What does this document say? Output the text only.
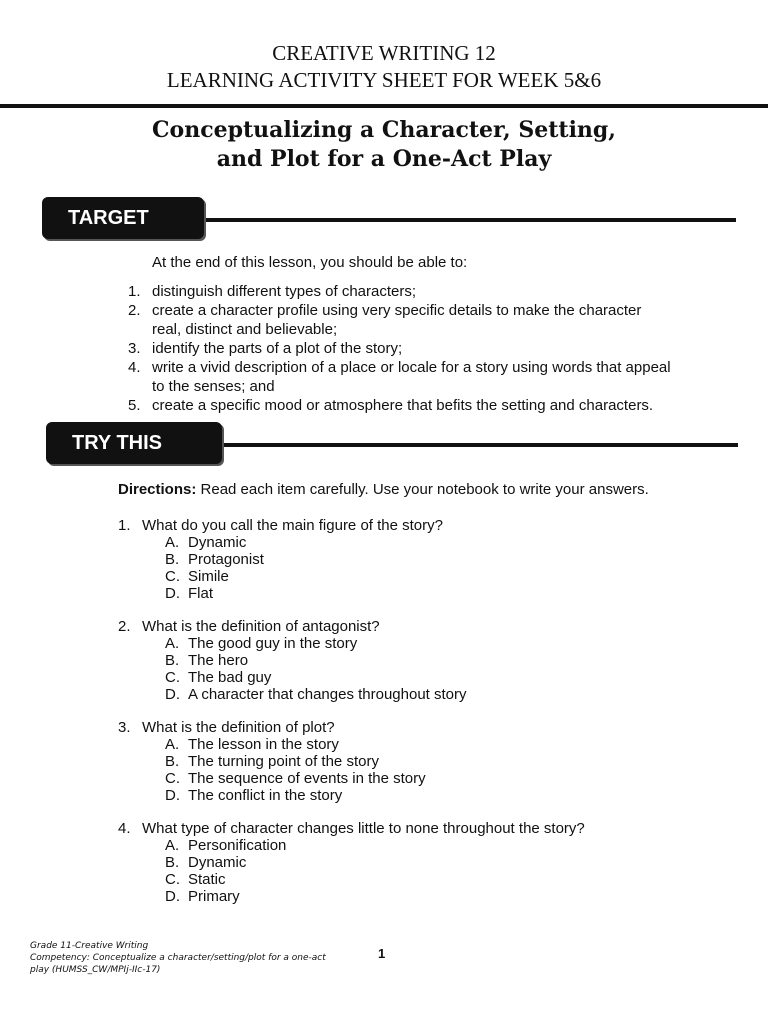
CREATIVE WRITING 12
LEARNING ACTIVITY SHEET FOR WEEK 5&6
Conceptualizing a Character, Setting,
and Plot for a One-Act Play
TARGET
At the end of this lesson, you should be able to:
1. distinguish different types of characters;
2. create a character profile using very specific details to make the character
real, distinct and believable;
3. identify the parts of a plot of the story;
4. write a vivid description of a place or locale for a story using words that appeal
to the senses; and
5. create a specific mood or atmosphere that befits the setting and characters.
TRY THIS
Directions: Read each item carefully. Use your notebook to write your answers.
1. What do you call the main figure of the story?
A. Dynamic
B. Protagonist
C. Simile
D. Flat
2. What is the definition of antagonist?
A. The good guy in the story
B. The hero
C. The bad guy
D. A character that changes throughout story
3. What is the definition of plot?
A. The lesson in the story
B. The turning point of the story
C. The sequence of events in the story
D. The conflict in the story
4. What type of character changes little to none throughout the story?
A. Personification
B. Dynamic
C. Static
D. Primary
Grade 11-Creative Writing
Competency: Conceptualize a character/setting/plot for a one-act
play (HUMSS_CW/MPIj-IIc-17)
1
